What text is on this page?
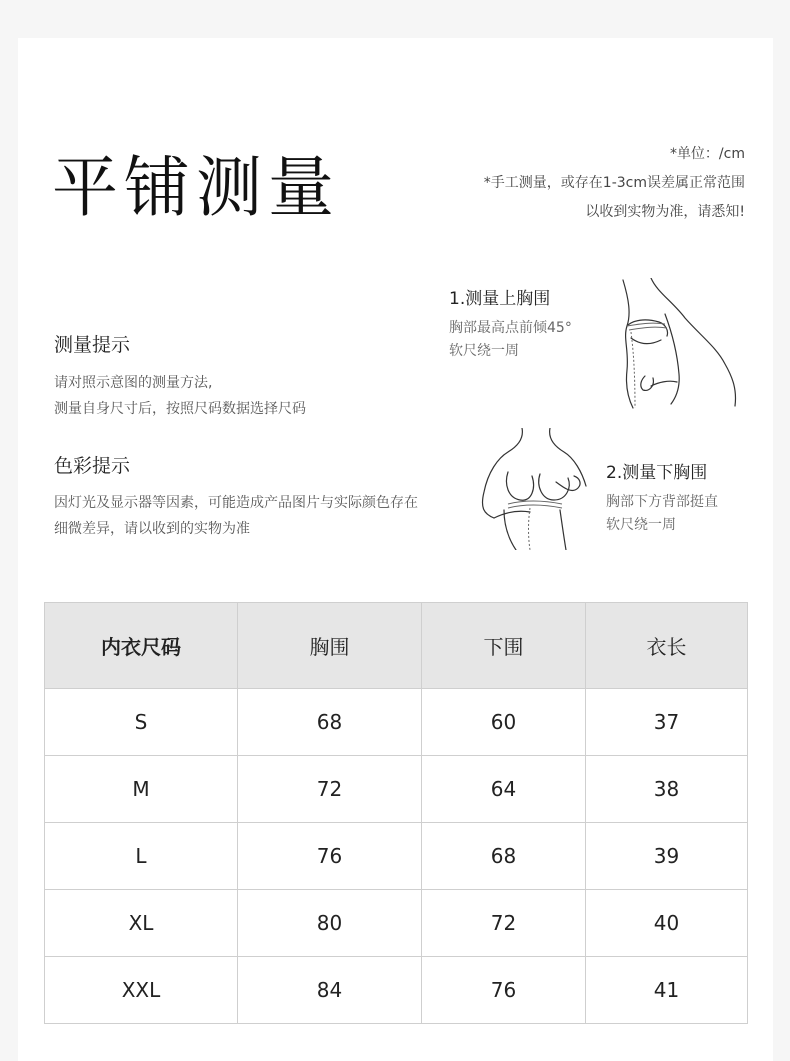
平铺测量	*单位：/cm
*手工测量，或存在1-3cm误差属正常范围
以收到实物为准，请悉知!
测量提示
请对照示意图的测量方法,
测量自身尺寸后，按照尺码数据选择尺码
色彩提示
因灯光及显示器等因素，可能造成产品图片与实际颜色存在
细微差异，请以收到的实物为准
1.测量上胸围
胸部最高点前倾45°
软尺绕一周
2.测量下胸围
胸部下方背部挺直
软尺绕一周
内衣尺码	胸围	下围	衣长
S	68	60	37
M	72	64	38
L	76	68	39
XL	80	72	40
XXL	84	76	41
